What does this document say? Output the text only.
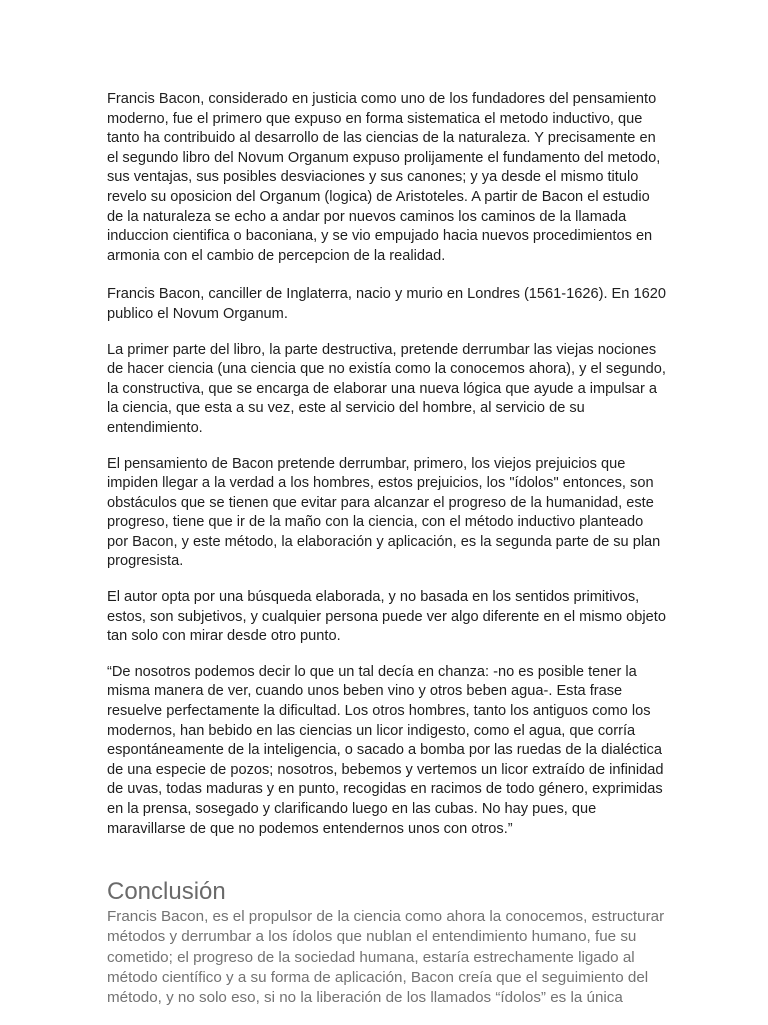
Francis Bacon, considerado en justicia como uno de los fundadores del pensamiento moderno, fue el primero que expuso en forma sistematica el metodo inductivo, que tanto ha contribuido al desarrollo de las ciencias de la naturaleza. Y precisamente en el segundo libro del Novum Organum expuso prolijamente el fundamento del metodo, sus ventajas, sus posibles desviaciones y sus canones; y ya desde el mismo titulo revelo su oposicion del Organum (logica) de Aristoteles. A partir de Bacon el estudio de la naturaleza se echo a andar por nuevos caminos los caminos de la llamada induccion cientifica o baconiana, y se vio empujado hacia nuevos procedimientos en armonia con el cambio de percepcion de la realidad.

Francis Bacon, canciller de Inglaterra, nacio y murio en Londres (1561-1626). En 1620 publico el Novum Organum.

La primer parte del libro, la parte destructiva, pretende derrumbar las viejas nociones de hacer ciencia (una ciencia que no existía como la conocemos ahora), y el segundo, la constructiva, que se encarga de elaborar una nueva lógica que ayude a impulsar a la ciencia, que esta a su vez, este al servicio del hombre, al servicio de su entendimiento.

El pensamiento de Bacon pretende derrumbar, primero, los viejos prejuicios que impiden llegar a la verdad a los hombres, estos prejuicios, los "ídolos" entonces, son obstáculos que se tienen que evitar para alcanzar el progreso de la humanidad, este progreso, tiene que ir de la maño con la ciencia, con el método inductivo planteado por Bacon, y este método, la elaboración y aplicación, es la segunda parte de su plan progresista.

El autor opta por una búsqueda elaborada, y no basada en los sentidos primitivos, estos, son subjetivos, y cualquier persona puede ver algo diferente en el mismo objeto tan solo con mirar desde otro punto.

“De nosotros podemos decir lo que un tal decía en chanza: -no es posible tener la misma manera de ver, cuando unos beben vino y otros beben agua-. Esta frase resuelve perfectamente la dificultad. Los otros hombres, tanto los antiguos como los modernos, han bebido en las ciencias un licor indigesto, como el agua, que corría espontáneamente de la inteligencia, o sacado a bomba por las ruedas de la dialéctica de una especie de pozos; nosotros, bebemos y vertemos un licor extraído de infinidad de uvas, todas maduras y en punto, recogidas en racimos de todo género, exprimidas en la prensa, sosegado y clarificando luego en las cubas. No hay pues, que maravillarse de que no podemos entendernos unos con otros.”

Conclusión

Francis Bacon, es el propulsor de la ciencia como ahora la conocemos, estructurar métodos y derrumbar a los ídolos que nublan el entendimiento humano, fue su cometido; el progreso de la sociedad humana, estaría estrechamente ligado al método científico y a su forma de aplicación, Bacon creía que el seguimiento del método, y no solo eso, si no la liberación de los llamados “ídolos” es la única
